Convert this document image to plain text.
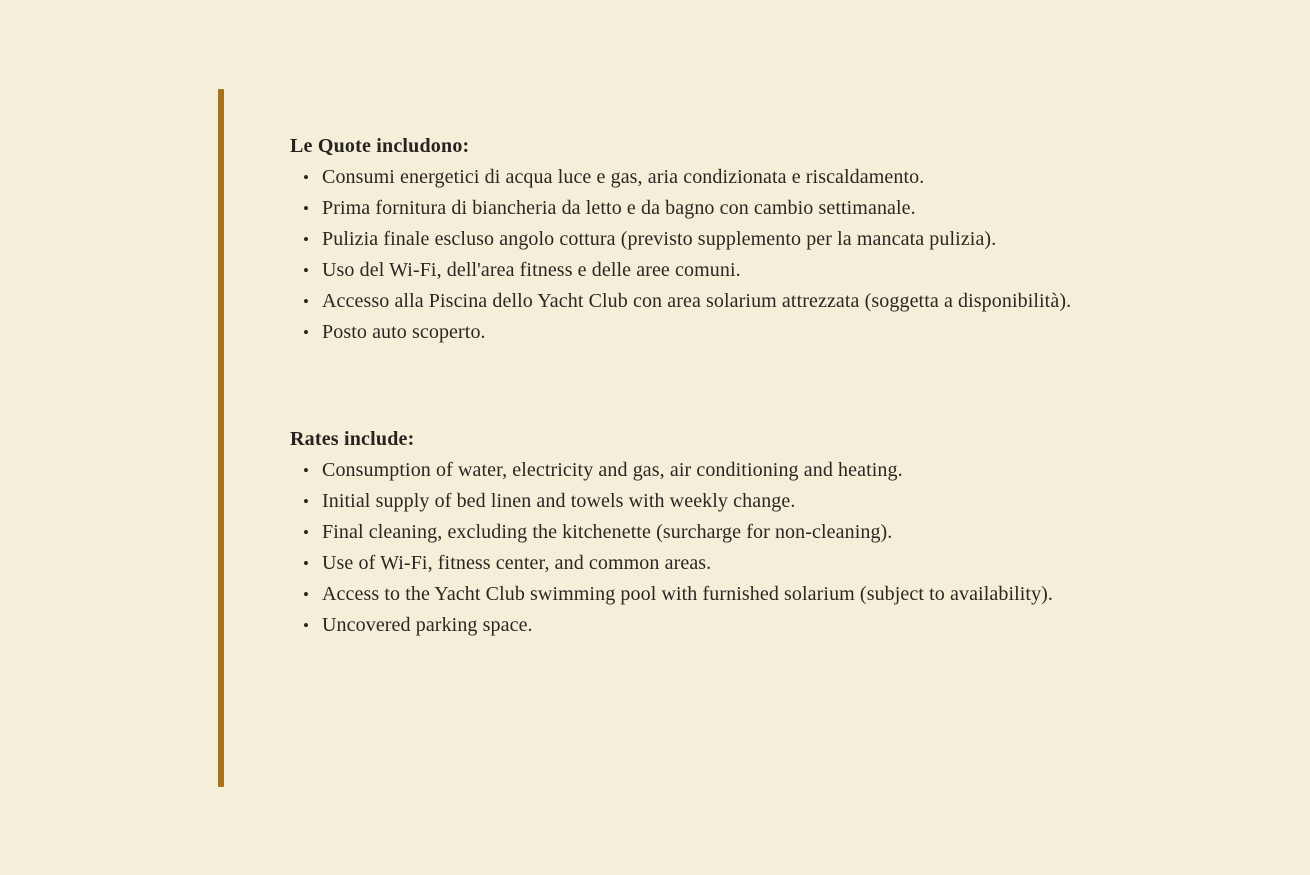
Le Quote includono:
• Consumi energetici di acqua luce e gas, aria condizionata e riscaldamento.
• Prima fornitura di biancheria da letto e da bagno con cambio settimanale.
• Pulizia finale escluso angolo cottura (previsto supplemento per la mancata pulizia).
• Uso del Wi-Fi, dell'area fitness e delle aree comuni.
• Accesso alla Piscina dello Yacht Club con area solarium attrezzata (soggetta a disponibilità).
• Posto auto scoperto.
Rates include:
• Consumption of water, electricity and gas, air conditioning and heating.
• Initial supply of bed linen and towels with weekly change.
• Final cleaning, excluding the kitchenette (surcharge for non-cleaning).
• Use of Wi-Fi, fitness center, and common areas.
• Access to the Yacht Club swimming pool with furnished solarium (subject to availability).
• Uncovered parking space.
